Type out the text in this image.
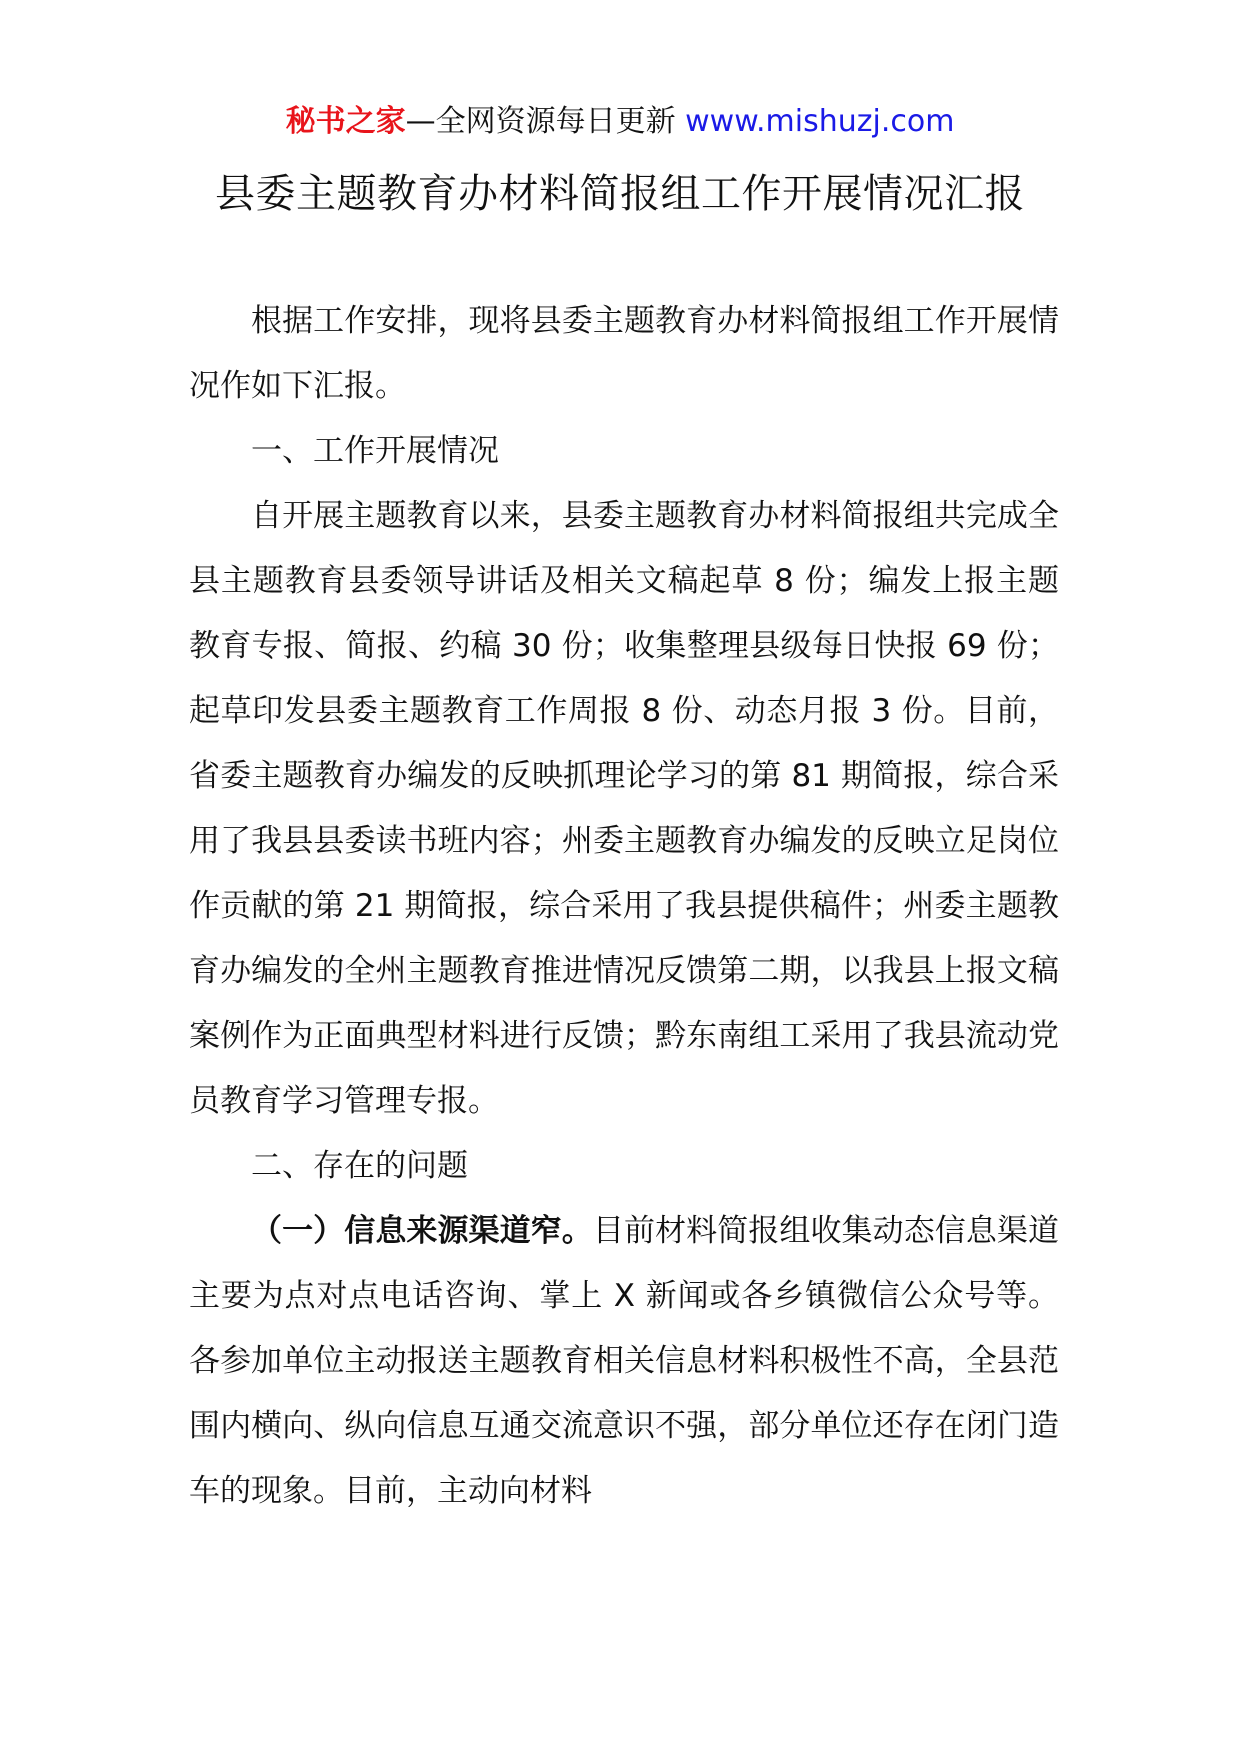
秘书之家—全网资源每日更新 www.mishuzj.com
县委主题教育办材料简报组工作开展情况汇报

根据工作安排，现将县委主题教育办材料简报组工作开展情况作如下汇报。

一、工作开展情况

自开展主题教育以来，县委主题教育办材料简报组共完成全县主题教育县委领导讲话及相关文稿起草 8 份；编发上报主题教育专报、简报、约稿 30 份；收集整理县级每日快报 69 份；起草印发县委主题教育工作周报 8 份、动态月报 3 份。目前，省委主题教育办编发的反映抓理论学习的第 81 期简报，综合采用了我县县委读书班内容；州委主题教育办编发的反映立足岗位作贡献的第 21 期简报，综合采用了我县提供稿件；州委主题教育办编发的全州主题教育推进情况反馈第二期，以我县上报文稿案例作为正面典型材料进行反馈；黔东南组工采用了我县流动党员教育学习管理专报。

二、存在的问题

（一）信息来源渠道窄。目前材料简报组收集动态信息渠道主要为点对点电话咨询、掌上 X 新闻或各乡镇微信公众号等。各参加单位主动报送主题教育相关信息材料积极性不高，全县范围内横向、纵向信息互通交流意识不强，部分单位还存在闭门造车的现象。目前，主动向材料
